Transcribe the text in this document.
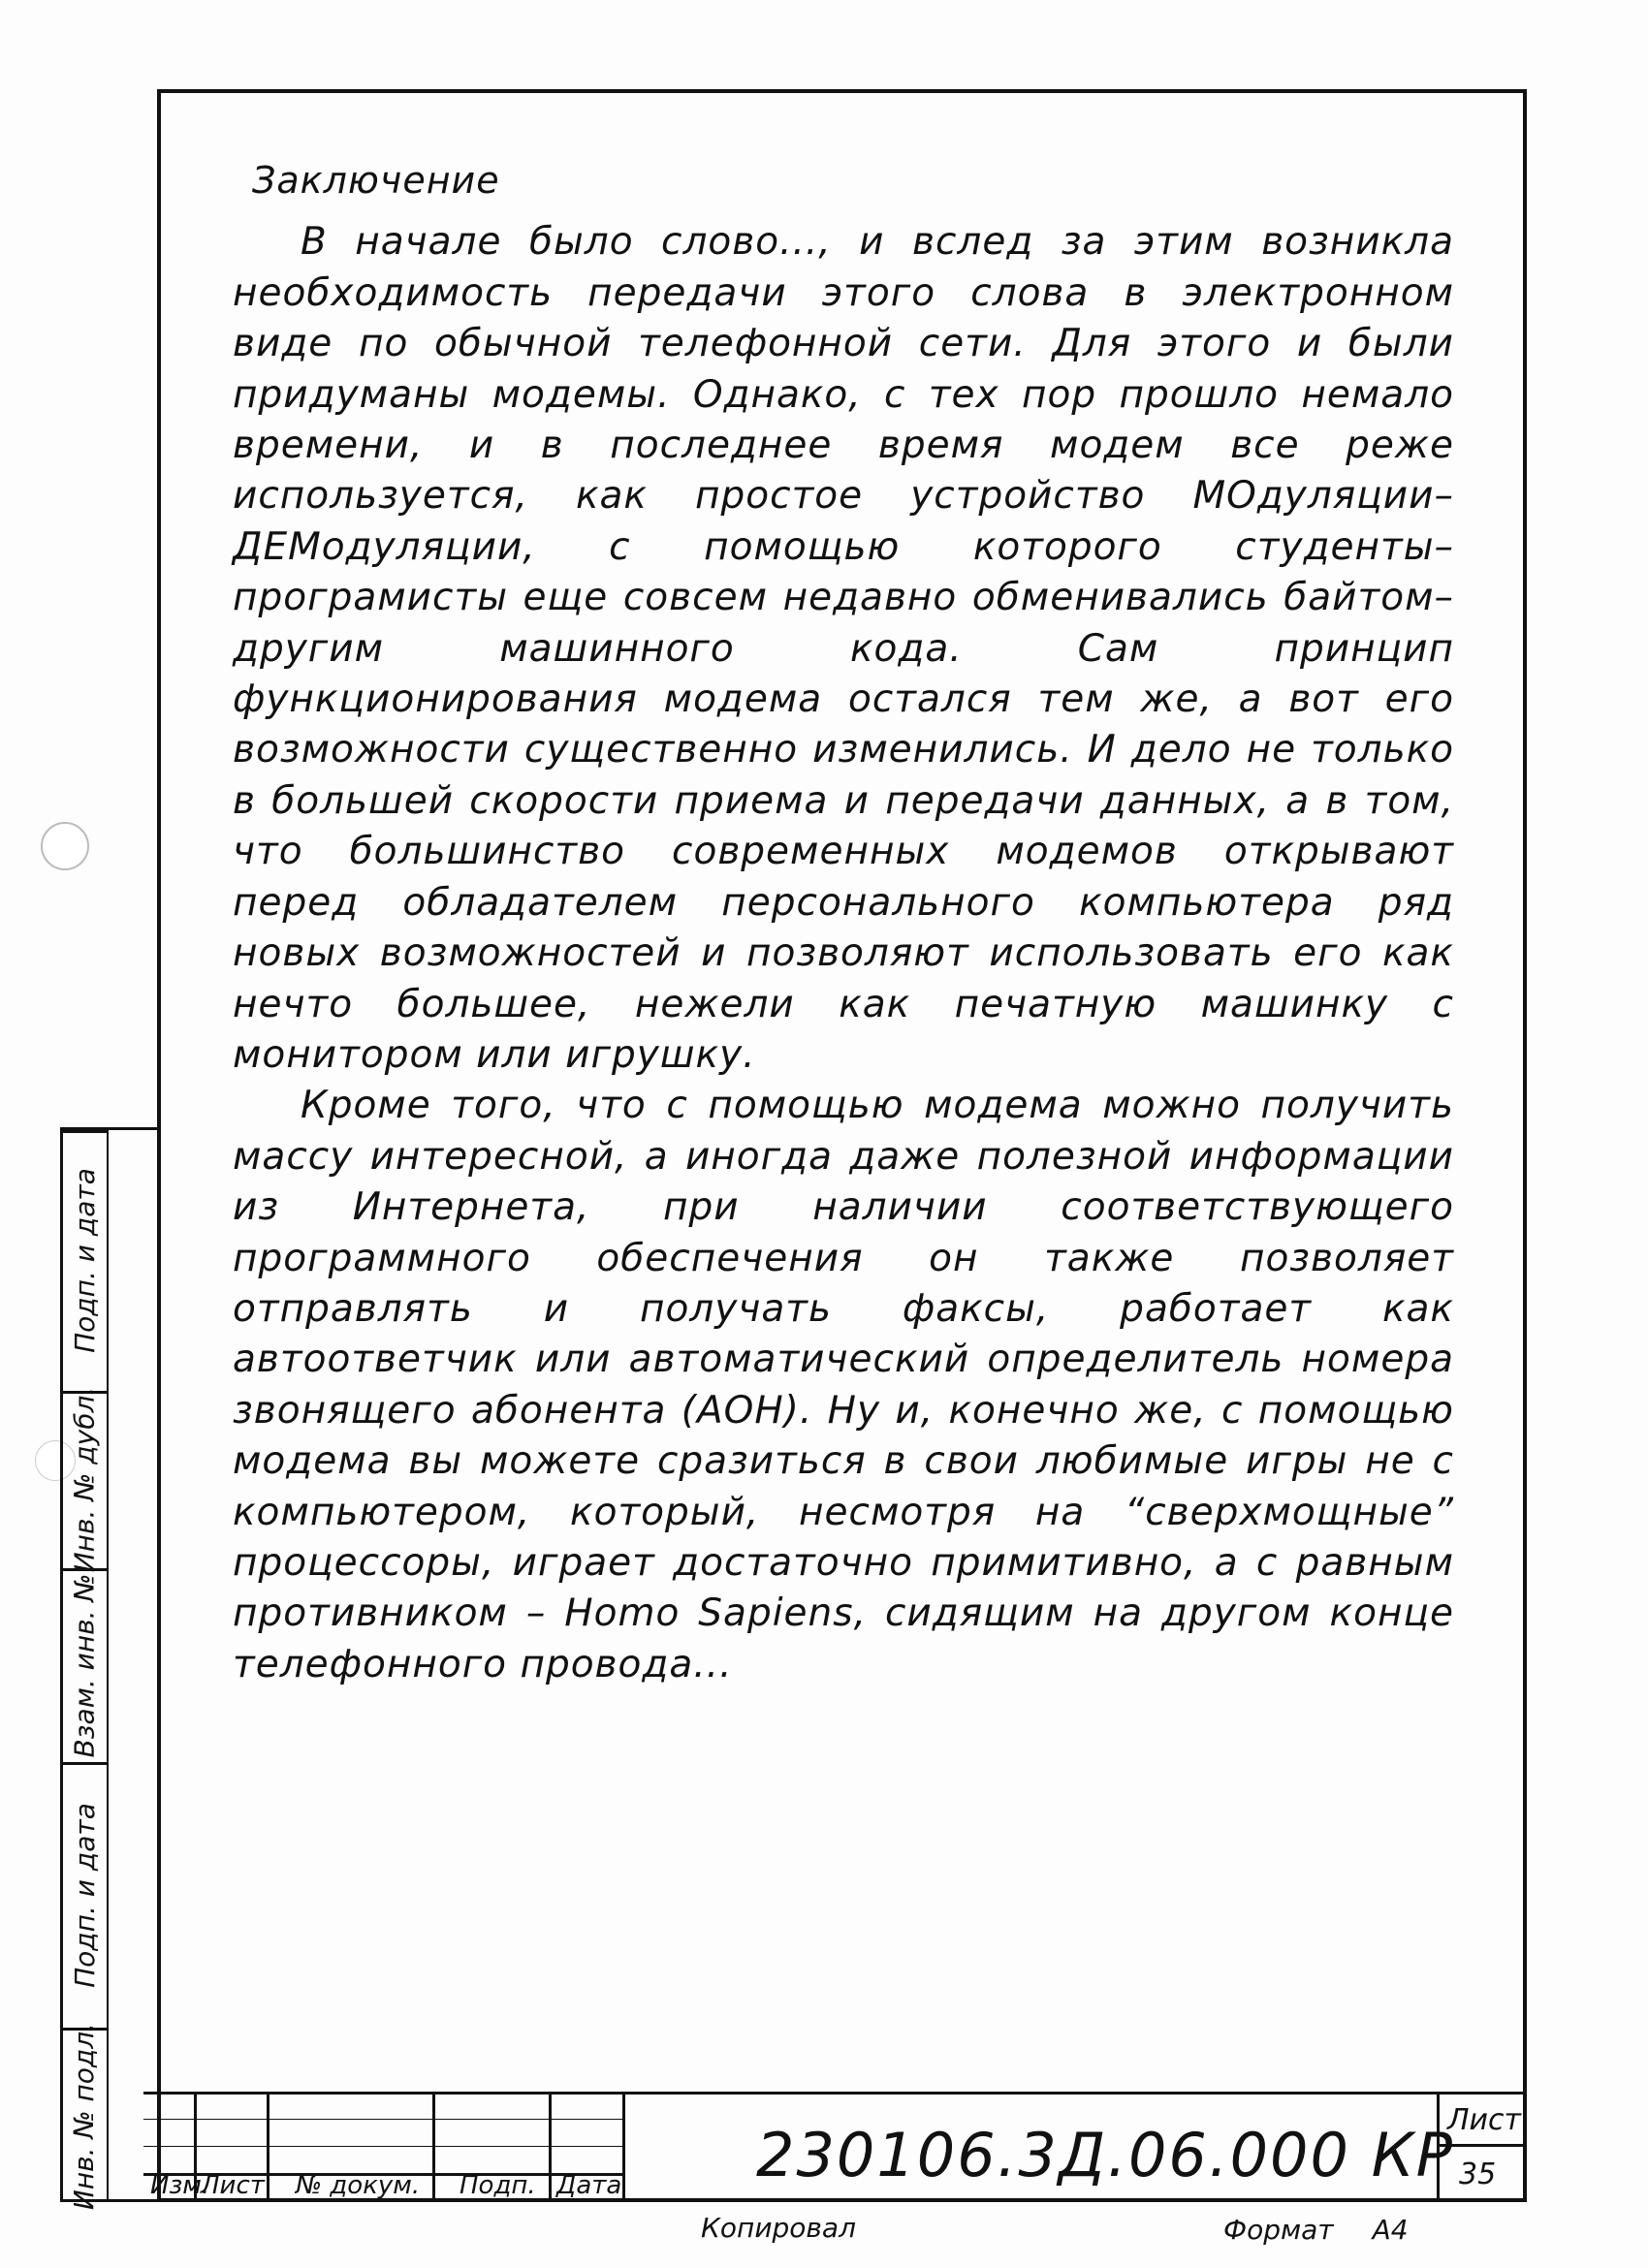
Подп. и дата
Инв. № дубл.
Взам. инв. №
Подп. и дата
Инв. № подл.
Заключение

В начале было слово..., и вслед за этим возникла необходимость передачи этого слова в электронном виде по обычной телефонной сети. Для этого и были придуманы модемы. Однако, с тех пор прошло немало времени, и в последнее время модем все реже используется, как простое устройство МОдуляции–ДЕМодуляции, с помощью которого студенты–програмисты еще совсем недавно обменивались байтом–другим машинного кода. Сам принцип функционирования модема остался тем же, а вот его возможности существенно изменились. И дело не только в большей скорости приема и передачи данных, а в том, что большинство современных модемов открывают перед обладателем персонального компьютера ряд новых возможностей и позволяют использовать его как нечто большее, нежели как печатную машинку с монитором или игрушку.

Кроме того, что с помощью модема можно получить массу интересной, а иногда даже полезной информации из Интернета, при наличии соответствующего программного обеспечения он также позволяет отправлять и получать факсы, работает как автоответчик или автоматический определитель номера звонящего абонента (АОН). Ну и, конечно же, с помощью модема вы можете сразиться в свои любимые игры не с компьютером, который, несмотря на “сверхмощные” процессоры, играет достаточно примитивно, а с равным противником – Homo Sapiens, сидящим на другом конце телефонного провода...

Изм.
Лист № докум. Подп. Дата 230106.3Д.06.000 КР
Лист
35
Копировал	Формат А4
